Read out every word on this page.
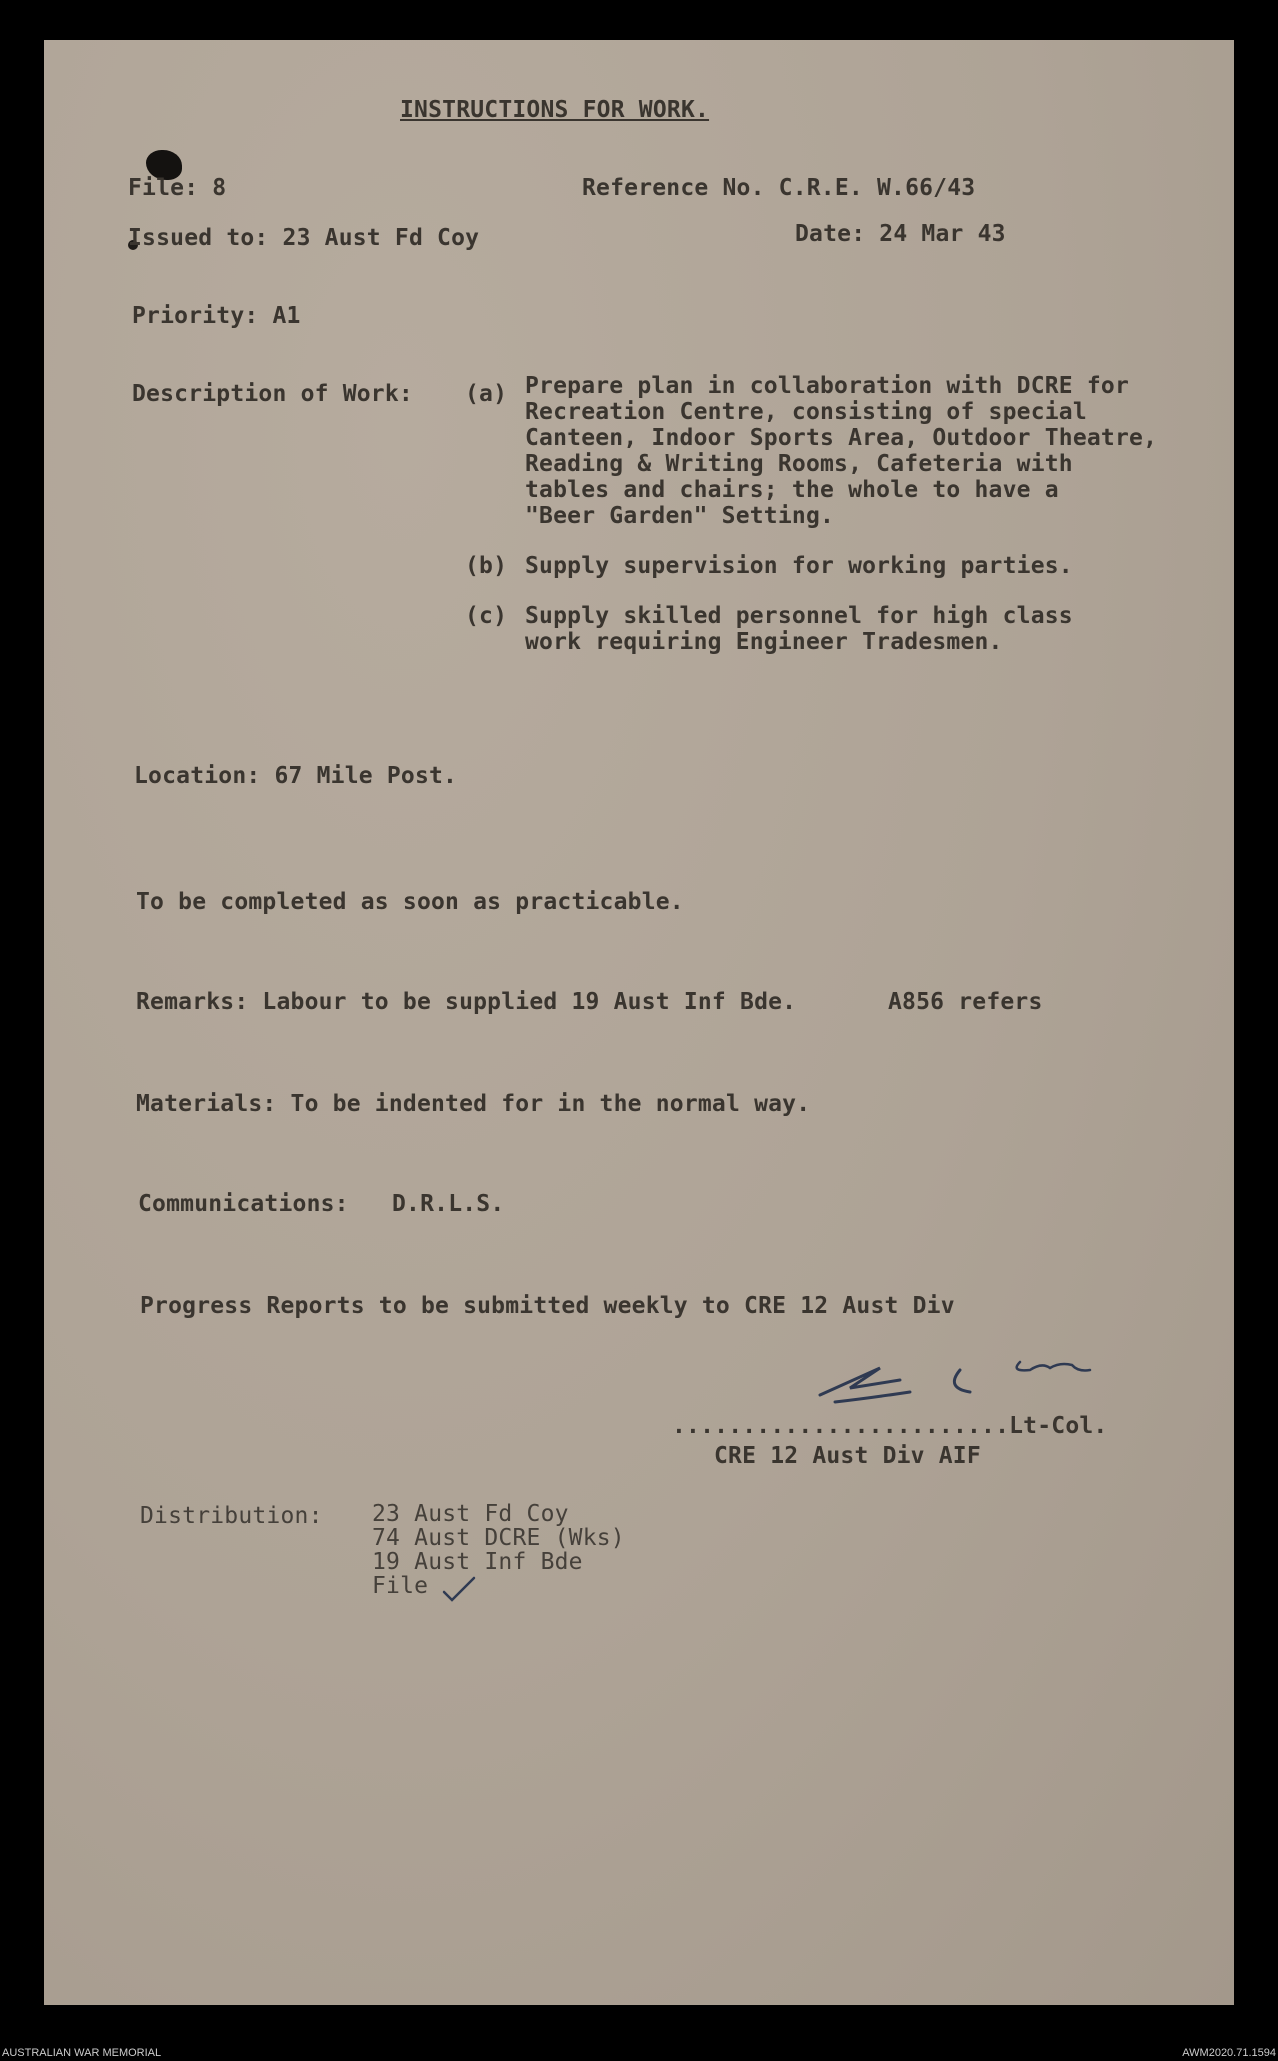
INSTRUCTIONS FOR WORK.
File: 8	Reference No. C.R.E. W.66/43
Issued to: 23 Aust Fd Coy	Date: 24 Mar 43
Priority: A1
Description of Work: (a) Prepare plan in collaboration with DCRE for
Recreation Centre, consisting of special
Canteen, Indoor Sports Area, Outdoor Theatre,
Reading & Writing Rooms, Cafeteria with
tables and chairs; the whole to have a
"Beer Garden" Setting.
(b) Supply supervision for working parties.
(c) Supply skilled personnel for high class
work requiring Engineer Tradesmen.
Location: 67 Mile Post.
To be completed as soon as practicable.
Remarks: Labour to be supplied 19 Aust Inf Bde.	A856 refers
Materials: To be indented for in the normal way.
Communications: D.R.L.S.
Progress Reports to be submitted weekly to CRE 12 Aust Div
........................Lt-Col.
CRE 12 Aust Div AIF
Distribution: 23 Aust Fd Coy
74 Aust DCRE (Wks)
19 Aust Inf Bde
File
AUSTRALIAN WAR MEMORIAL	AWM2020.71.1594
